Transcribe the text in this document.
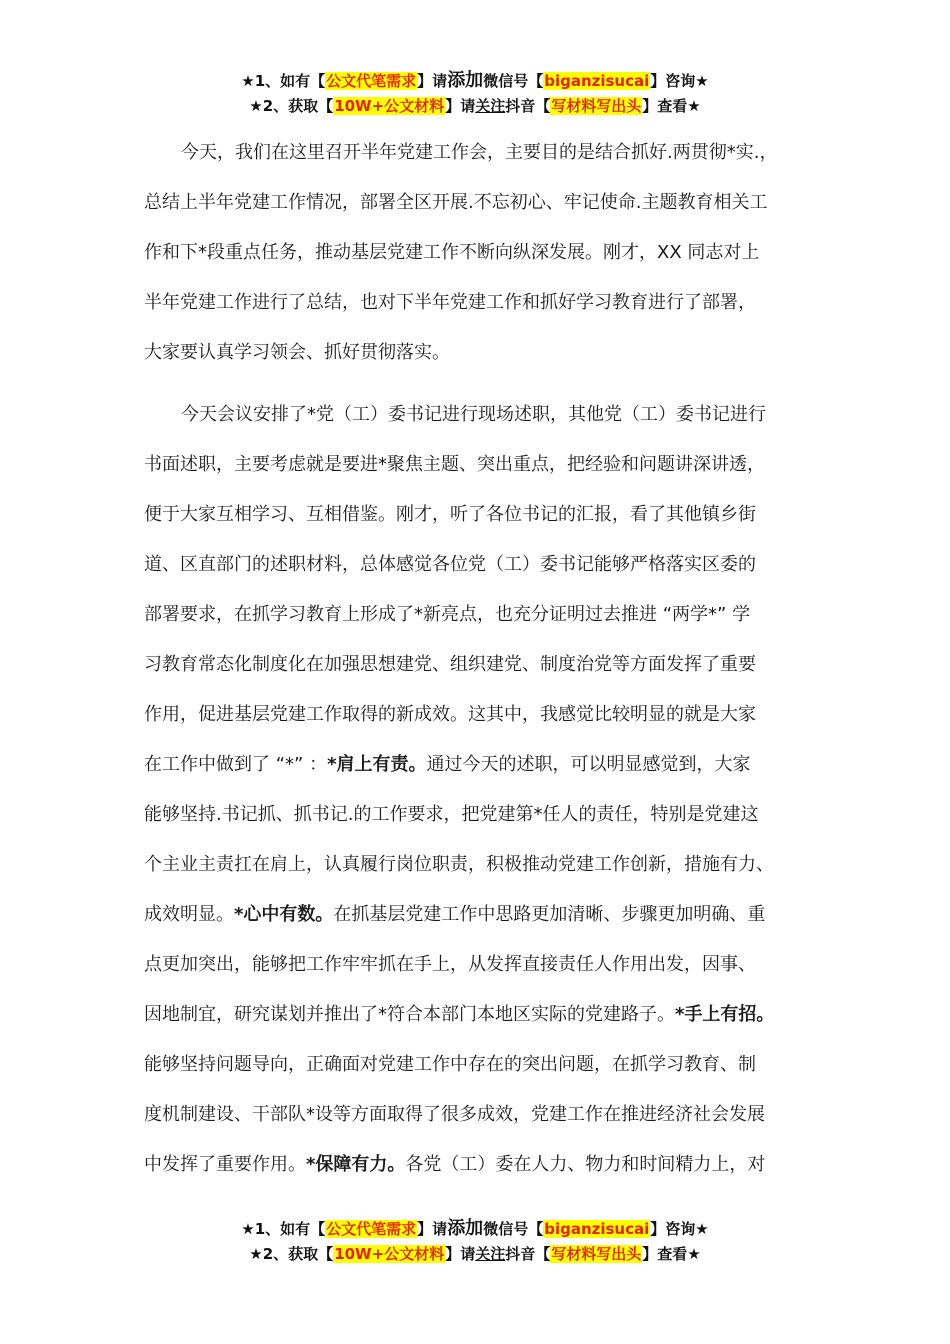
★1、如有【公文代笔需求】请添加微信号【biganzisucai】咨询★
★2、获取【10W+公文材料】请关注抖音【写材料写出头】查看★
今天，我们在这里召开半年党建工作会，主要目的是结合抓好.两贯彻*实.，
总结上半年党建工作情况，部署全区开展.不忘初心、牢记使命.主题教育相关工
作和下*段重点任务，推动基层党建工作不断向纵深发展。刚才，XX 同志对上
半年党建工作进行了总结，也对下半年党建工作和抓好学习教育进行了部署，
大家要认真学习领会、抓好贯彻落实。
今天会议安排了*党（工）委书记进行现场述职，其他党（工）委书记进行
书面述职，主要考虑就是要进*聚焦主题、突出重点，把经验和问题讲深讲透，
便于大家互相学习、互相借鉴。刚才，听了各位书记的汇报，看了其他镇乡街
道、区直部门的述职材料，总体感觉各位党（工）委书记能够严格落实区委的
部署要求，在抓学习教育上形成了*新亮点，也充分证明过去推进 “两学*” 学
习教育常态化制度化在加强思想建党、组织建党、制度治党等方面发挥了重要
作用，促进基层党建工作取得的新成效。这其中，我感觉比较明显的就是大家
在工作中做到了 “*” ：*肩上有责。通过今天的述职，可以明显感觉到，大家
能够坚持.书记抓、抓书记.的工作要求，把党建第*任人的责任，特别是党建这
个主业主责扛在肩上，认真履行岗位职责，积极推动党建工作创新，措施有力、
成效明显。*心中有数。在抓基层党建工作中思路更加清晰、步骤更加明确、重
点更加突出，能够把工作牢牢抓在手上，从发挥直接责任人作用出发，因事、
因地制宜，研究谋划并推出了*符合本部门本地区实际的党建路子。*手上有招。
能够坚持问题导向，正确面对党建工作中存在的突出问题，在抓学习教育、制
度机制建设、干部队*设等方面取得了很多成效，党建工作在推进经济社会发展
中发挥了重要作用。*保障有力。各党（工）委在人力、物力和时间精力上，对
★1、如有【公文代笔需求】请添加微信号【biganzisucai】咨询★
★2、获取【10W+公文材料】请关注抖音【写材料写出头】查看★
